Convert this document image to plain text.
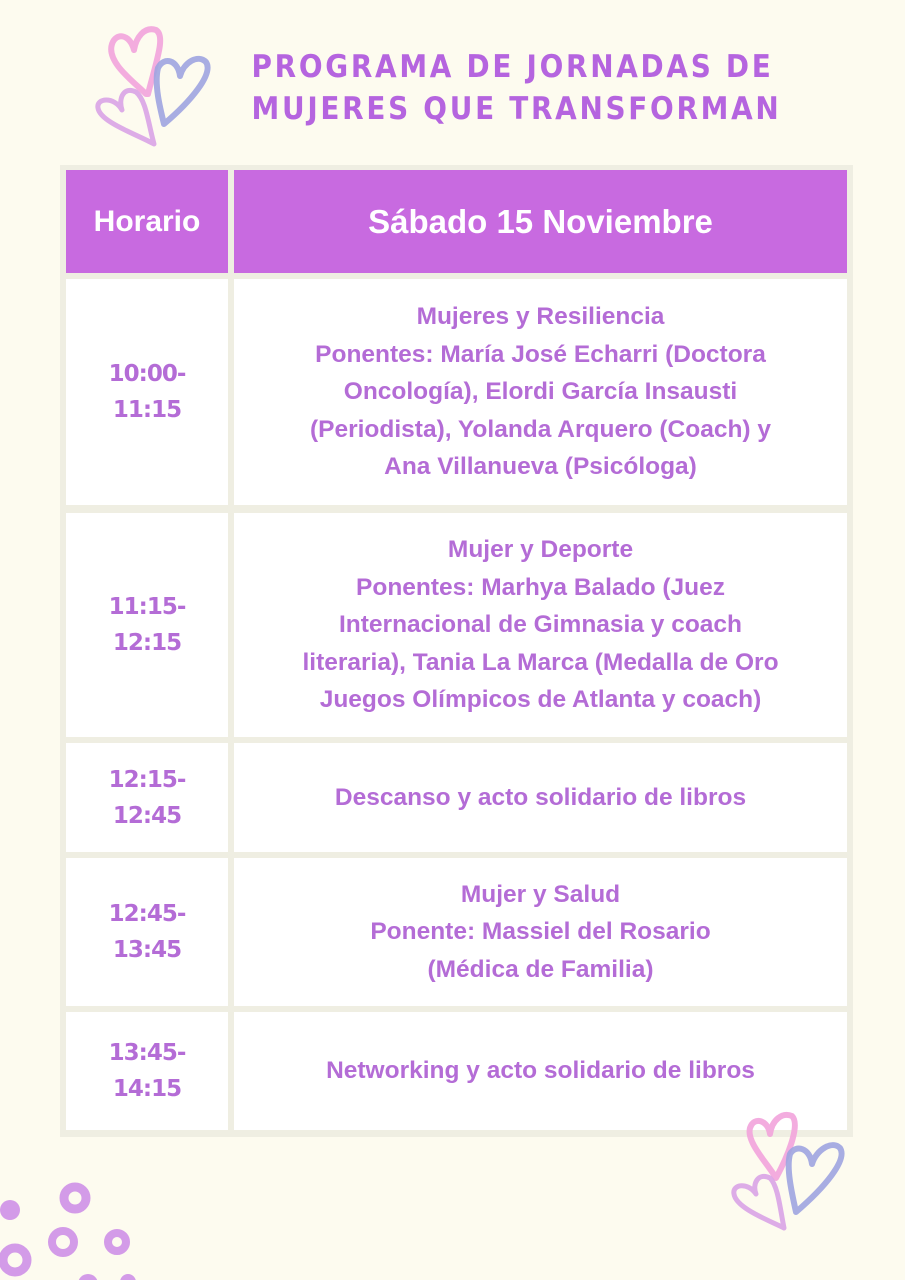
PROGRAMA DE JORNADAS DE
MUJERES QUE TRANSFORMAN
Horario	Sábado 15 Noviembre
10:00-
11:15
Mujeres y Resiliencia
Ponentes: María José Echarri (Doctora
Oncología), Elordi García Insausti
(Periodista), Yolanda Arquero (Coach) y
Ana Villanueva (Psicóloga)
11:15-
12:15
Mujer y Deporte
Ponentes: Marhya Balado (Juez
Internacional de Gimnasia y coach
literaria), Tania La Marca (Medalla de Oro
Juegos Olímpicos de Atlanta y coach)
12:15-
12:45
Descanso y acto solidario de libros
12:45-
13:45
Mujer y Salud
Ponente: Massiel del Rosario
(Médica de Familia)
13:45-
14:15
Networking y acto solidario de libros
